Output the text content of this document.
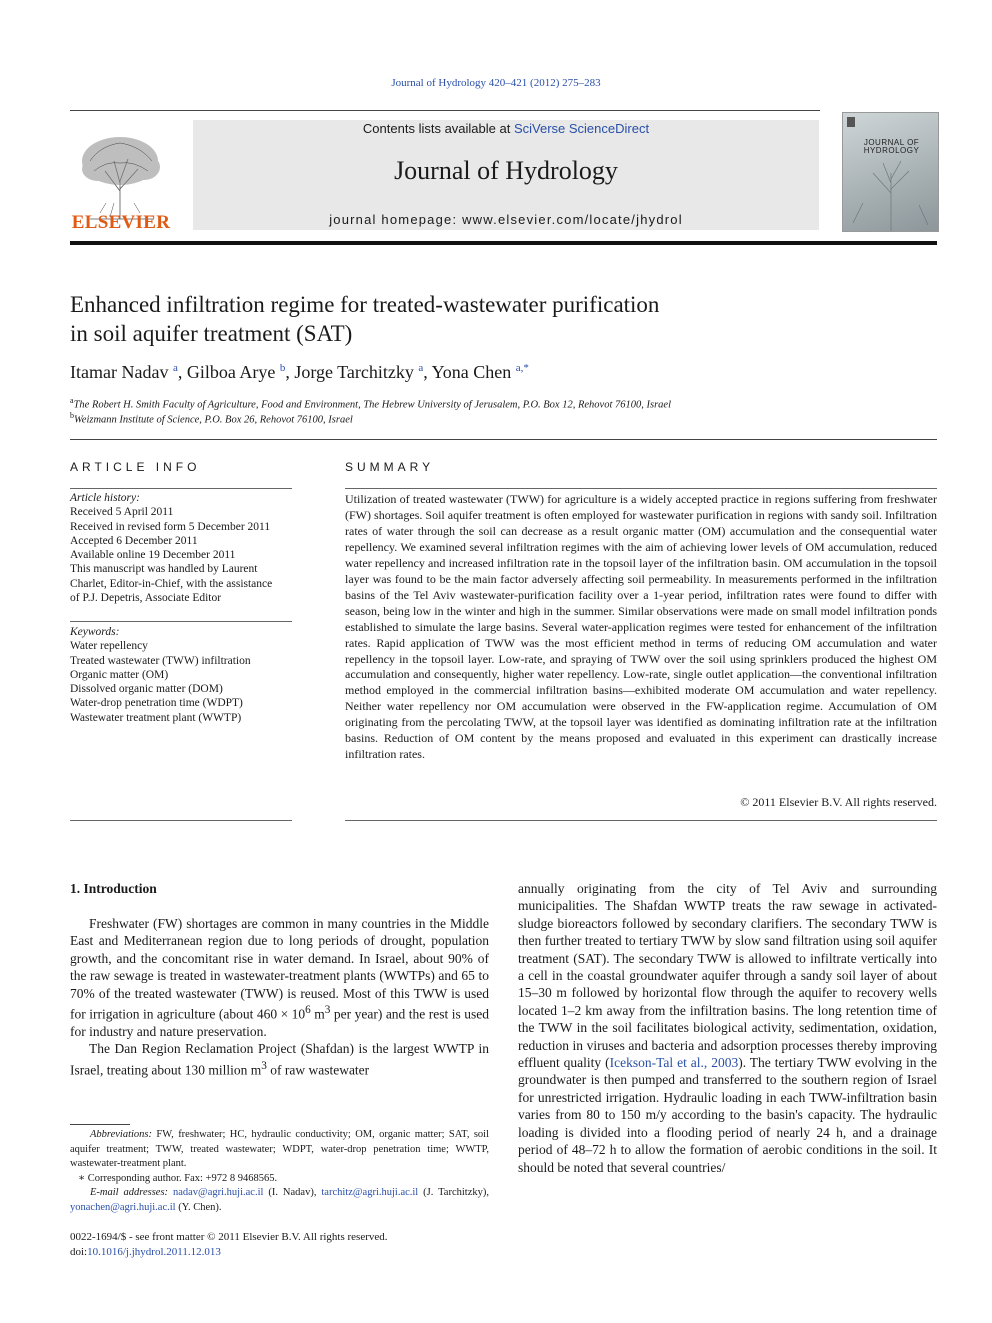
Journal of Hydrology 420–421 (2012) 275–283
ELSEVIER
Contents lists available at SciVerse ScienceDirect
Journal of Hydrology
journal homepage: www.elsevier.com/locate/jhydrol
JOURNAL OF
HYDROLOGY
Enhanced infiltration regime for treated-wastewater purification
in soil aquifer treatment (SAT)
Itamar Nadav $^a$, Gilboa Arye $^b$, Jorge Tarchitzky $^a$, Yona Chen $^{a,*}$
$^a$The Robert H. Smith Faculty of Agriculture, Food and Environment, The Hebrew University of Jerusalem, P.O. Box 12, Rehovot 76100, Israel
$^b$Weizmann Institute of Science, P.O. Box 26, Rehovot 76100, Israel
ARTICLE INFO
Article history:
Received 5 April 2011
Received in revised form 5 December 2011
Accepted 6 December 2011
Available online 19 December 2011
This manuscript was handled by Laurent
Charlet, Editor-in-Chief, with the assistance
of P.J. Depetris, Associate Editor
Keywords:
Water repellency
Treated wastewater (TWW) infiltration
Organic matter (OM)
Dissolved organic matter (DOM)
Water-drop penetration time (WDPT)
Wastewater treatment plant (WWTP)
SUMMARY
Utilization of treated wastewater (TWW) for agriculture is a widely accepted practice in regions suffering from freshwater (FW) shortages. Soil aquifer treatment is often employed for wastewater purification in regions with sandy soil. Infiltration rates of water through the soil can decrease as a result organic matter (OM) accumulation and the consequential water repellency. We examined several infiltration regimes with the aim of achieving lower levels of OM accumulation, reduced water repellency and increased infiltration rate in the topsoil layer of the infiltration basin. OM accumulation in the topsoil layer was found to be the main factor adversely affecting soil permeability. In measurements performed in the infiltration basins of the Tel Aviv wastewater-purification facility over a 1-year period, infiltration rates were found to differ with season, being low in the winter and high in the summer. Similar observations were made on small model infiltration ponds established to simulate the large basins. Several water-application regimes were tested for enhancement of the infiltration rates. Rapid application of TWW was the most efficient method in terms of reducing OM accumulation and water repellency in the topsoil layer. Low-rate, and spraying of TWW over the soil using sprinklers produced the highest OM accumulation and consequently, higher water repellency. Low-rate, single outlet application—the conventional infiltration method employed in the commercial infiltration basins—exhibited moderate OM accumulation and water repellency. Neither water repellency nor OM accumulation were observed in the FW-application regime. Accumulation of OM originating from the percolating TWW, at the topsoil layer was identified as dominating infiltration rate at the infiltration basins. Reduction of OM content by the means proposed and evaluated in this experiment can drastically increase infiltration rates.
© 2011 Elsevier B.V. All rights reserved.
1. Introduction

Freshwater (FW) shortages are common in many countries in the Middle East and Mediterranean region due to long periods of drought, population growth, and the concomitant rise in water demand. In Israel, about 90% of the raw sewage is treated in wastewater-treatment plants (WWTPs) and 65 to 70% of the treated wastewater (TWW) is reused. Most of this TWW is used for irrigation in agriculture (about $460 \times 10^6$ $m^3$ per year) and the rest is used for industry and nature preservation.

The Dan Region Reclamation Project (Shafdan) is the largest WWTP in Israel, treating about 130 million $m^3$ of raw wastewater

annually originating from the city of Tel Aviv and surrounding municipalities. The Shafdan WWTP treats the raw sewage in activated-sludge bioreactors followed by secondary clarifiers. The secondary TWW is then further treated to tertiary TWW by slow sand filtration using soil aquifer treatment (SAT). The secondary TWW is allowed to infiltrate vertically into a cell in the coastal groundwater aquifer through a sandy soil layer of about 15–30 m followed by horizontal flow through the aquifer to recovery wells located 1–2 km away from the infiltration basins. The long retention time of the TWW in the soil facilitates biological activity, sedimentation, oxidation, reduction in viruses and bacteria and adsorption processes thereby improving effluent quality (Icekson-Tal et al., 2003). The tertiary TWW evolving in the groundwater is then pumped and transferred to the southern region of Israel for unrestricted irrigation. Hydraulic loading in each TWW-infiltration basin varies from 80 to 150 m/y according to the basin's capacity. The hydraulic loading is divided into a flooding period of nearly 24 h, and a drainage period of 48–72 h to allow the formation of aerobic conditions in the soil. It should be noted that several countries/

Abbreviations: FW, freshwater; HC, hydraulic conductivity; OM, organic matter; SAT, soil aquifer treatment; TWW, treated wastewater; WDPT, water-drop penetration time; WWTP, wastewater-treatment plant.
∗ Corresponding author. Fax: +972 8 9468565.
E-mail addresses: nadav@agri.huji.ac.il (I. Nadav), tarchitz@agri.huji.ac.il (J. Tarchitzky), yonachen@agri.huji.ac.il (Y. Chen).
0022-1694/$ - see front matter © 2011 Elsevier B.V. All rights reserved.
doi:10.1016/j.jhydrol.2011.12.013
